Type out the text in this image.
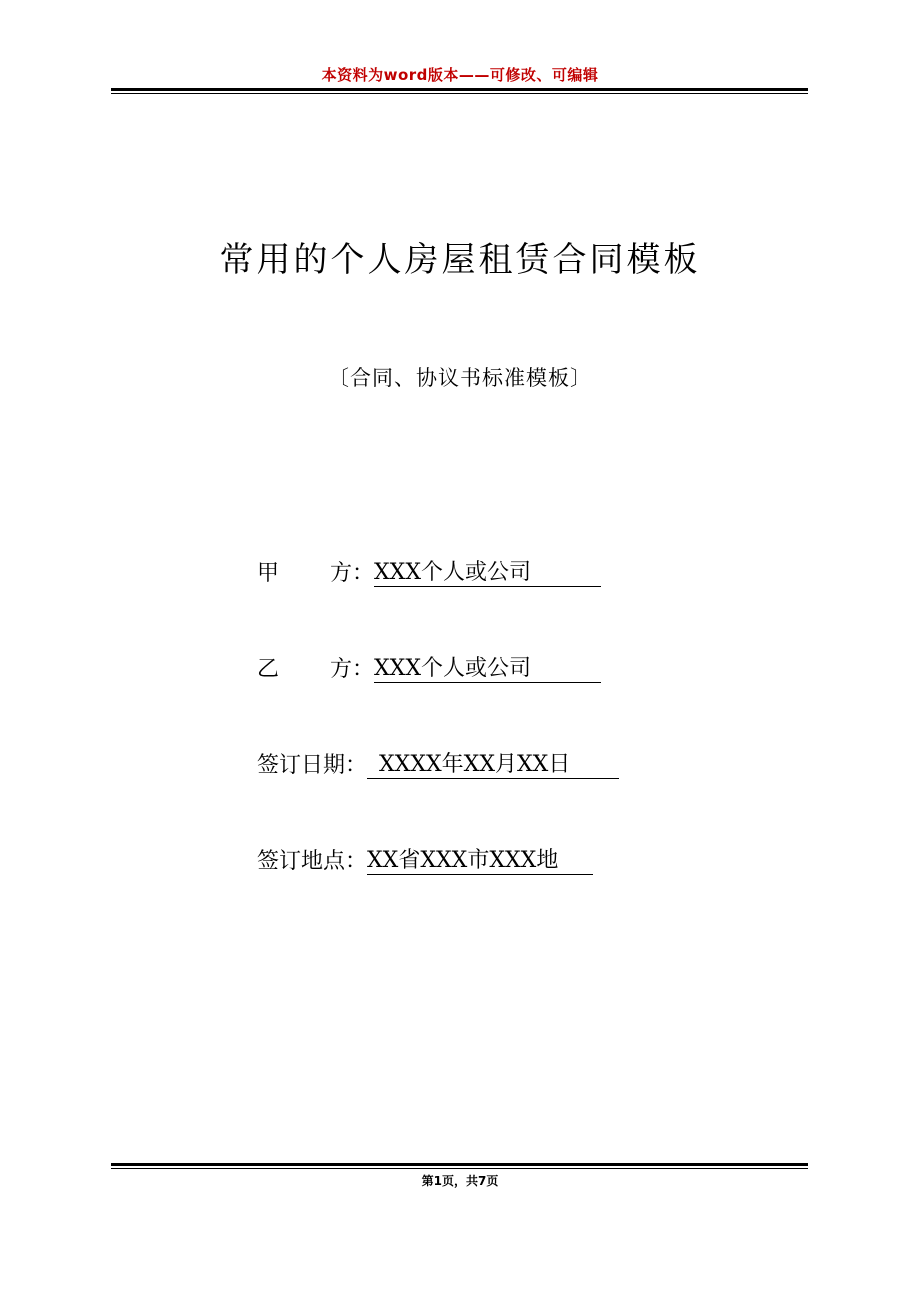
本资料为word版本——可修改、可编辑
常用的个人房屋租赁合同模板
〔合同、协议书标准模板〕
甲 方： XXX个人或公司
乙 方： XXX个人或公司
签订日期： XXXX年XX月XX日
签订地点： XX省XXX市XXX地
第1页，共7页
